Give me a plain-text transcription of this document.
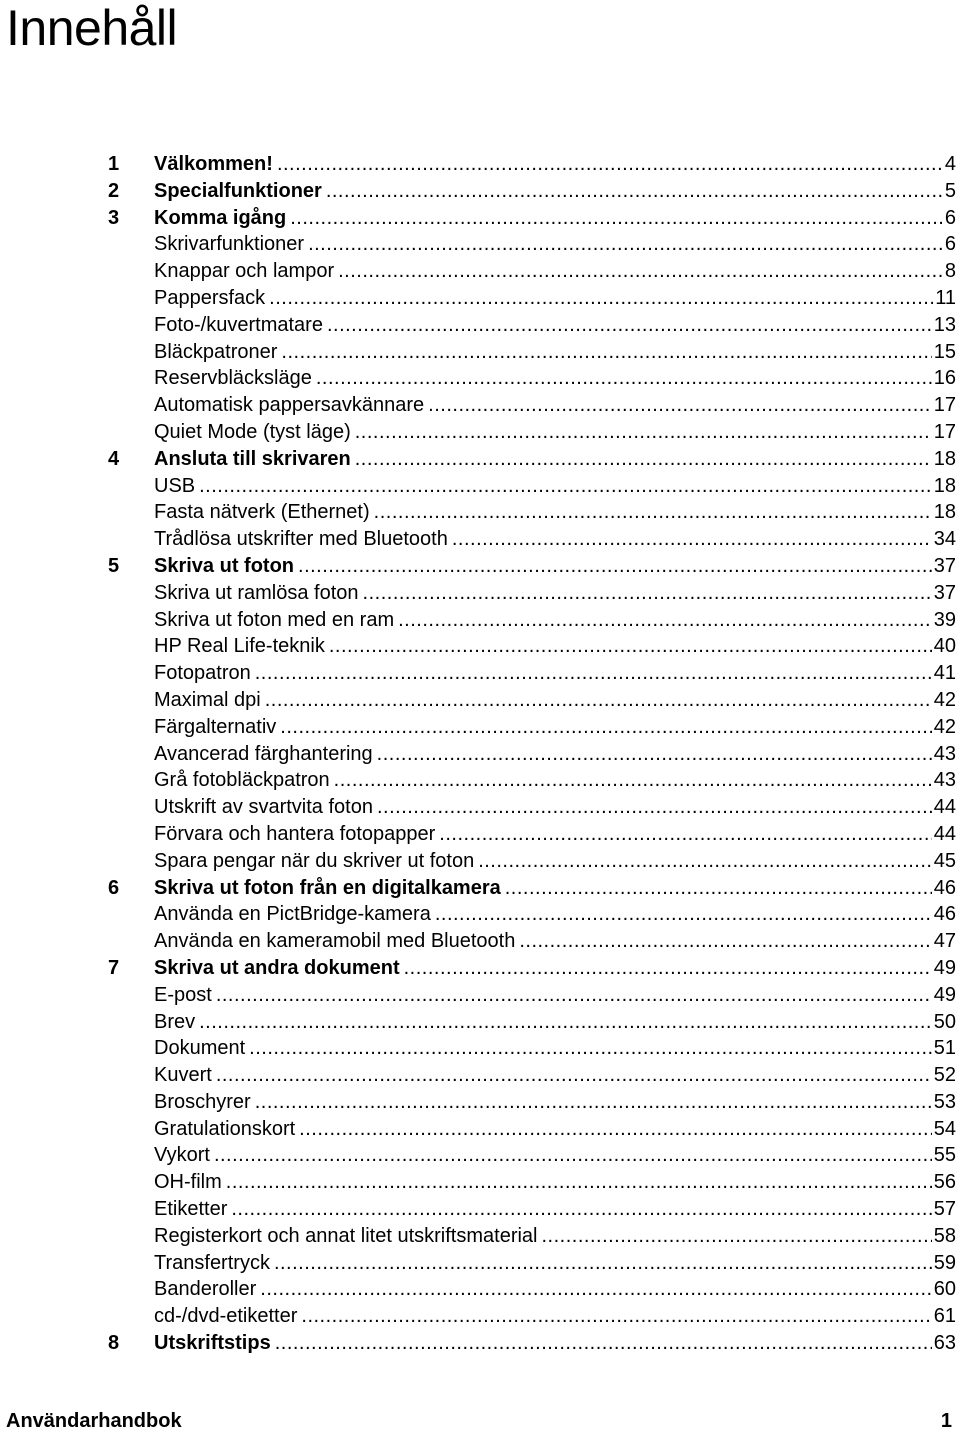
Innehåll
1	Välkommen! .....	4
2	Specialfunktioner .....	5
3	Komma igång .....	6
Skrivarfunktioner .....	6
Knappar och lampor .....	8
Pappersfack .....	11
Foto-/kuvertmatare .....	13
Bläckpatroner .....	15
Reservbläcksläge .....	16
Automatisk pappersavkännare .....	17
Quiet Mode (tyst läge) .....	17
4	Ansluta till skrivaren .....	18
USB .....	18
Fasta nätverk (Ethernet) .....	18
Trådlösa utskrifter med Bluetooth .....	34
5	Skriva ut foton .....	37
Skriva ut ramlösa foton .....	37
Skriva ut foton med en ram .....	39
HP Real Life-teknik .....	40
Fotopatron .....	41
Maximal dpi .....	42
Färgalternativ .....	42
Avancerad färghantering .....	43
Grå fotobläckpatron .....	43
Utskrift av svartvita foton .....	44
Förvara och hantera fotopapper .....	44
Spara pengar när du skriver ut foton .....	45
6	Skriva ut foton från en digitalkamera .....	46
Använda en PictBridge-kamera .....	46
Använda en kameramobil med Bluetooth .....	47
7	Skriva ut andra dokument .....	49
E-post .....	49
Brev .....	50
Dokument .....	51
Kuvert .....	52
Broschyrer .....	53
Gratulationskort .....	54
Vykort .....	55
OH-film .....	56
Etiketter .....	57
Registerkort och annat litet utskriftsmaterial .....	58
Transfertryck .....	59
Banderoller .....	60
cd-/dvd-etiketter .....	61
8	Utskriftstips .....	63
Användarhandbok	1
